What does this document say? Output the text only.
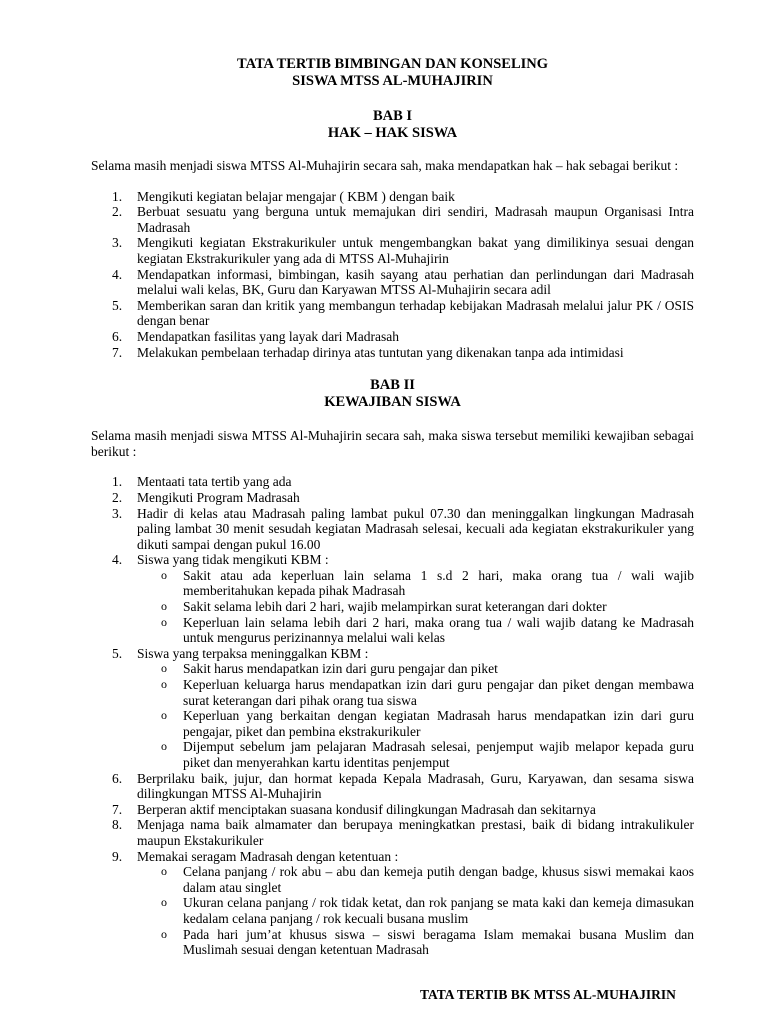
TATA TERTIB BIMBINGAN DAN KONSELING
SISWA MTSS AL-MUHAJIRIN
BAB I
HAK – HAK SISWA

Selama masih menjadi siswa MTSS Al-Muhajirin secara sah, maka mendapatkan hak – hak sebagai berikut :

1. Mengikuti kegiatan belajar mengajar ( KBM ) dengan baik
2. Berbuat sesuatu yang berguna untuk memajukan diri sendiri, Madrasah maupun Organisasi Intra Madrasah
3. Mengikuti kegiatan Ekstrakurikuler untuk mengembangkan bakat yang dimilikinya sesuai dengan kegiatan Ekstrakurikuler yang ada di MTSS Al-Muhajirin
4. Mendapatkan informasi, bimbingan, kasih sayang atau perhatian dan perlindungan dari Madrasah melalui wali kelas, BK, Guru dan Karyawan MTSS Al-Muhajirin secara adil
5. Memberikan saran dan kritik yang membangun terhadap kebijakan Madrasah melalui jalur PK / OSIS dengan benar
6. Mendapatkan fasilitas yang layak dari Madrasah
7. Melakukan pembelaan terhadap dirinya atas tuntutan yang dikenakan tanpa ada intimidasi
BAB II
KEWAJIBAN SISWA

Selama masih menjadi siswa MTSS Al-Muhajirin secara sah, maka siswa tersebut memiliki kewajiban sebagai berikut :

1. Mentaati tata tertib yang ada
2. Mengikuti Program Madrasah
3. Hadir di kelas atau Madrasah paling lambat pukul 07.30 dan meninggalkan lingkungan Madrasah paling lambat 30 menit sesudah kegiatan Madrasah selesai, kecuali ada kegiatan ekstrakurikuler yang dikuti sampai dengan pukul 16.00
4. Siswa yang tidak mengikuti KBM :
o Sakit atau ada keperluan lain selama 1 s.d 2 hari, maka orang tua / wali wajib memberitahukan kepada pihak Madrasah
o Sakit selama lebih dari 2 hari, wajib melampirkan surat keterangan dari dokter
o Keperluan lain selama lebih dari 2 hari, maka orang tua / wali wajib datang ke Madrasah untuk mengurus perizinannya melalui wali kelas
5. Siswa yang terpaksa meninggalkan KBM :
o Sakit harus mendapatkan izin dari guru pengajar dan piket
o Keperluan keluarga harus mendapatkan izin dari guru pengajar dan piket dengan membawa surat keterangan dari pihak orang tua siswa
o Keperluan yang berkaitan dengan kegiatan Madrasah harus mendapatkan izin dari guru pengajar, piket dan pembina ekstrakurikuler
o Dijemput sebelum jam pelajaran Madrasah selesai, penjemput wajib melapor kepada guru piket dan menyerahkan kartu identitas penjemput
6. Berprilaku baik, jujur, dan hormat kepada Kepala Madrasah, Guru, Karyawan, dan sesama siswa dilingkungan MTSS Al-Muhajirin
7. Berperan aktif menciptakan suasana kondusif dilingkungan Madrasah dan sekitarnya
8. Menjaga nama baik almamater dan berupaya meningkatkan prestasi, baik di bidang intrakulikuler maupun Ekstakurikuler
9. Memakai seragam Madrasah dengan ketentuan :
o Celana panjang / rok abu – abu dan kemeja putih dengan badge, khusus siswi memakai kaos dalam atau singlet
o Ukuran celana panjang / rok tidak ketat, dan rok panjang se mata kaki dan kemeja dimasukan kedalam celana panjang / rok kecuali busana muslim
o Pada hari jum’at khusus siswa – siswi beragama Islam memakai busana Muslim dan Muslimah sesuai dengan ketentuan Madrasah
TATA TERTIB BK MTSS AL-MUHAJIRIN
